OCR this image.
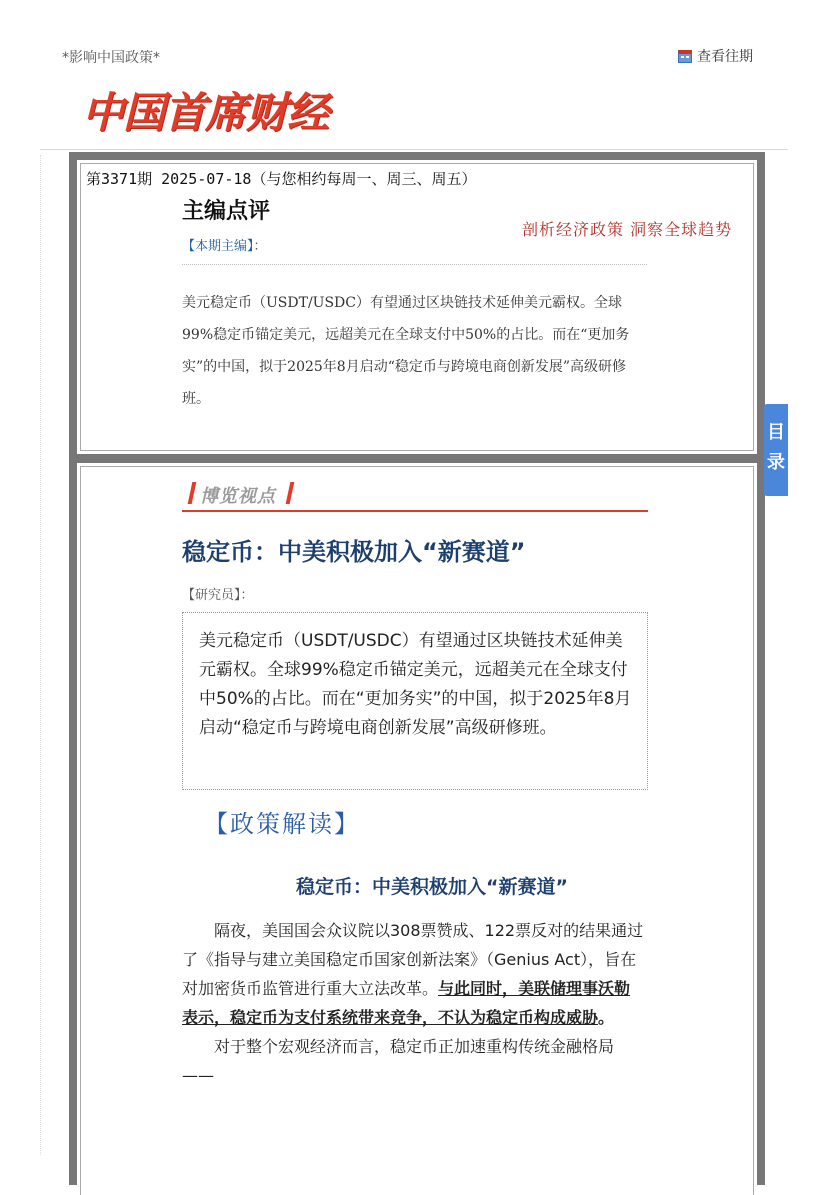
*影响中国政策*	查看往期
中国首席财经
第3371期 2025-07-18（与您相约每周一、周三、周五）
主编点评
剖析经济政策 洞察全球趋势
【本期主编】：
美元稳定币（USDT/USDC）有望通过区块链技术延伸美元霸权。全球99%稳定币锚定美元，远超美元在全球支付中50%的占比。而在“更加务实”的中国，拟于2025年8月启动“稳定币与跨境电商创新发展”高级研修班。
目
录
博览视点
稳定币：中美积极加入“新赛道”
【研究员】：
美元稳定币（USDT/USDC）有望通过区块链技术延伸美元霸权。全球99%稳定币锚定美元，远超美元在全球支付中50%的占比。而在“更加务实”的中国，拟于2025年8月启动“稳定币与跨境电商创新发展”高级研修班。
【政策解读】
稳定币：中美积极加入“新赛道”

隔夜，美国国会众议院以308票赞成、122票反对的结果通过了《指导与建立美国稳定币国家创新法案》（Genius Act），旨在对加密货币监管进行重大立法改革。与此同时，美联储理事沃勒表示，稳定币为支付系统带来竞争，不认为稳定币构成威胁。

对于整个宏观经济而言，稳定币正加速重构传统金融格局——
